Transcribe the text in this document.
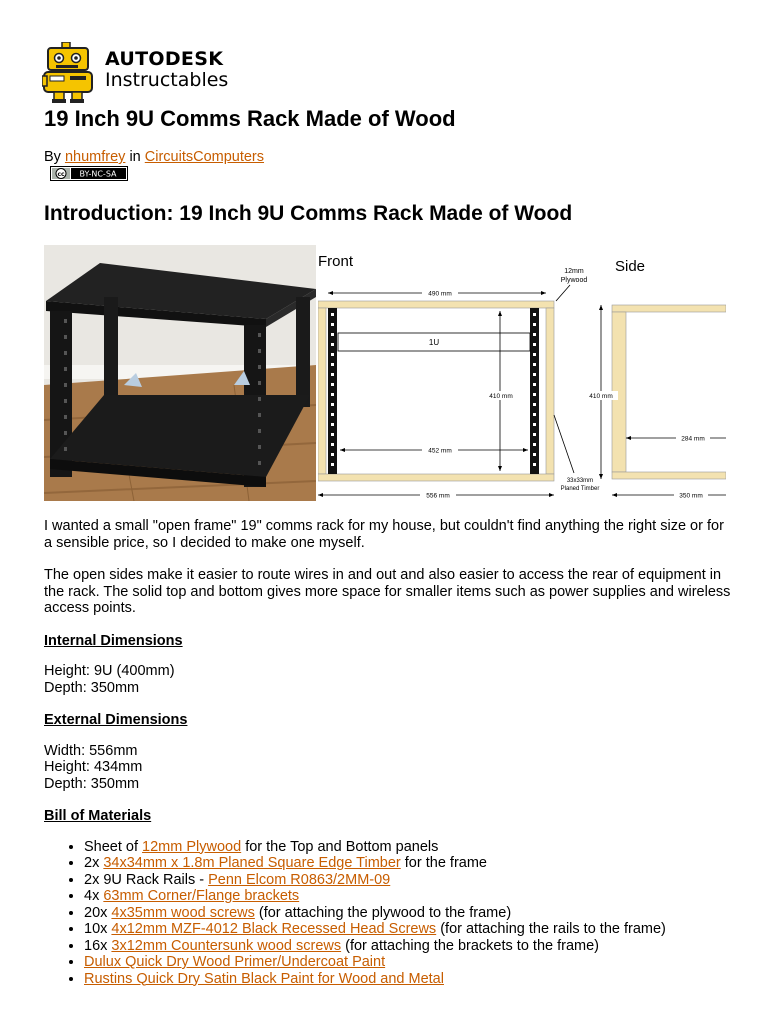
AUTODESK
Instructables
19 Inch 9U Comms Rack Made of Wood
By nhumfrey in CircuitsComputers
cc BY-NC-SA
Introduction: 19 Inch 9U Comms Rack Made of Wood
Front	Side
12mm
Plywood
490 mm
1U
410 mm
452 mm
556 mm
33x33mm
Planed Timber
410 mm
284 mm
350 mm

I wanted a small "open frame" 19" comms rack for my house, but couldn't find anything the right size or for a sensible price, so I decided to make one myself.

The open sides make it easier to route wires in and out and also easier to access the rear of equipment in the rack. The solid top and bottom gives more space for smaller items such as power supplies and wireless access points.

Internal Dimensions

Height: 9U (400mm)
Depth: 350mm

External Dimensions

Width: 556mm
Height: 434mm
Depth: 350mm

Bill of Materials

• Sheet of 12mm Plywood for the Top and Bottom panels
• 2x 34x34mm x 1.8m Planed Square Edge Timber for the frame
• 2x 9U Rack Rails - Penn Elcom R0863/2MM-09
• 4x 63mm Corner/Flange brackets
• 20x 4x35mm wood screws (for attaching the plywood to the frame)
• 10x 4x12mm MZF-4012 Black Recessed Head Screws (for attaching the rails to the frame)
• 16x 3x12mm Countersunk wood screws (for attaching the brackets to the frame)
• Dulux Quick Dry Wood Primer/Undercoat Paint
• Rustins Quick Dry Satin Black Paint for Wood and Metal
